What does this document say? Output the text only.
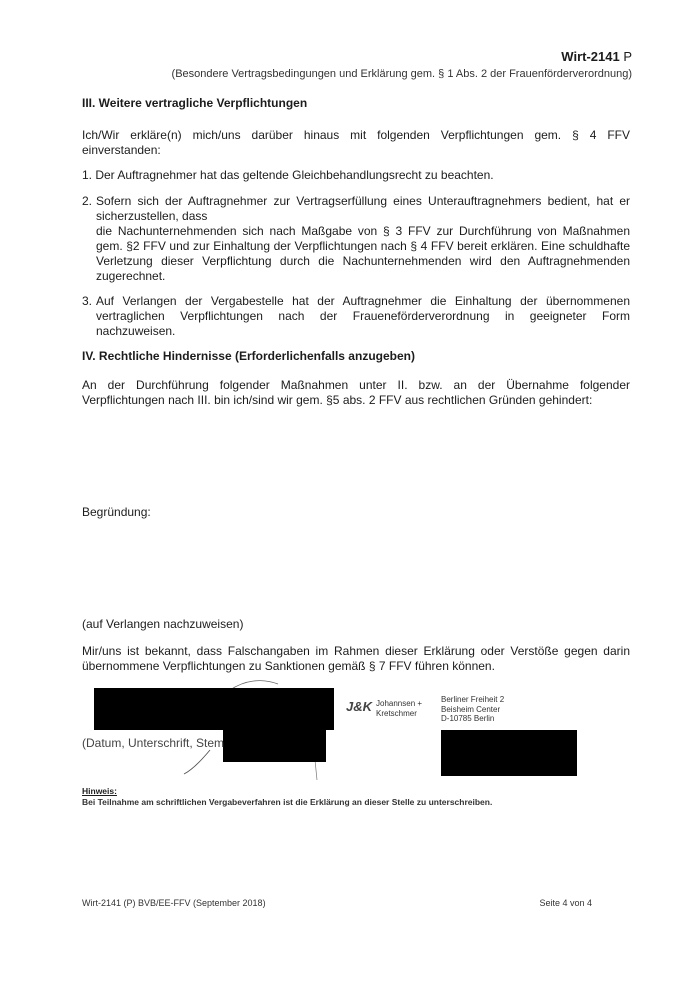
Wirt-2141 P
(Besondere Vertragsbedingungen und Erklärung gem. § 1 Abs. 2 der Frauenförderverordnung)
III. Weitere vertragliche Verpflichtungen
Ich/Wir erkläre(n) mich/uns darüber hinaus mit folgenden Verpflichtungen gem. § 4 FFV
einverstanden:
1. Der Auftragnehmer hat das geltende Gleichbehandlungsrecht zu beachten.
2. Sofern sich der Auftragnehmer zur Vertragserfüllung eines Unterauftragnehmers bedient, hat er
sicherzustellen, dass
die Nachunternehmenden sich nach Maßgabe von § 3 FFV zur Durchführung von Maßnahmen
gem. §2 FFV und zur Einhaltung der Verpflichtungen nach § 4 FFV bereit erklären. Eine schuldhafte
Verletzung dieser Verpflichtung durch die Nachunternehmenden wird den Auftragnehmenden
zugerechnet.
3. Auf Verlangen der Vergabestelle hat der Auftragnehmer die Einhaltung der übernommenen
vertraglichen Verpflichtungen nach der Fraueneförderverordnung in geeigneter Form
nachzuweisen.
IV. Rechtliche Hindernisse (Erforderlichenfalls anzugeben)
An der Durchführung folgender Maßnahmen unter II. bzw. an der Übernahme folgender
Verpflichtungen nach III. bin ich/sind wir gem. §5 abs. 2 FFV aus rechtlichen Gründen gehindert:
Begründung:
(auf Verlangen nachzuweisen)
Mir/uns ist bekannt, dass Falschangaben im Rahmen dieser Erklärung oder Verstöße gegen darin
übernommene Verpflichtungen zu Sanktionen gemäß § 7 FFV führen können.
(Datum, Unterschrift, Stem
J&K Johannsen +
Kretschmer
Berliner Freiheit 2
Beisheim Center
D-10785 Berlin
Hinweis:
Bei Teilnahme am schriftlichen Vergabeverfahren ist die Erklärung an dieser Stelle zu unterschreiben.
Wirt-2141 (P) BVB/EE-FFV (September 2018)	Seite 4 von 4
